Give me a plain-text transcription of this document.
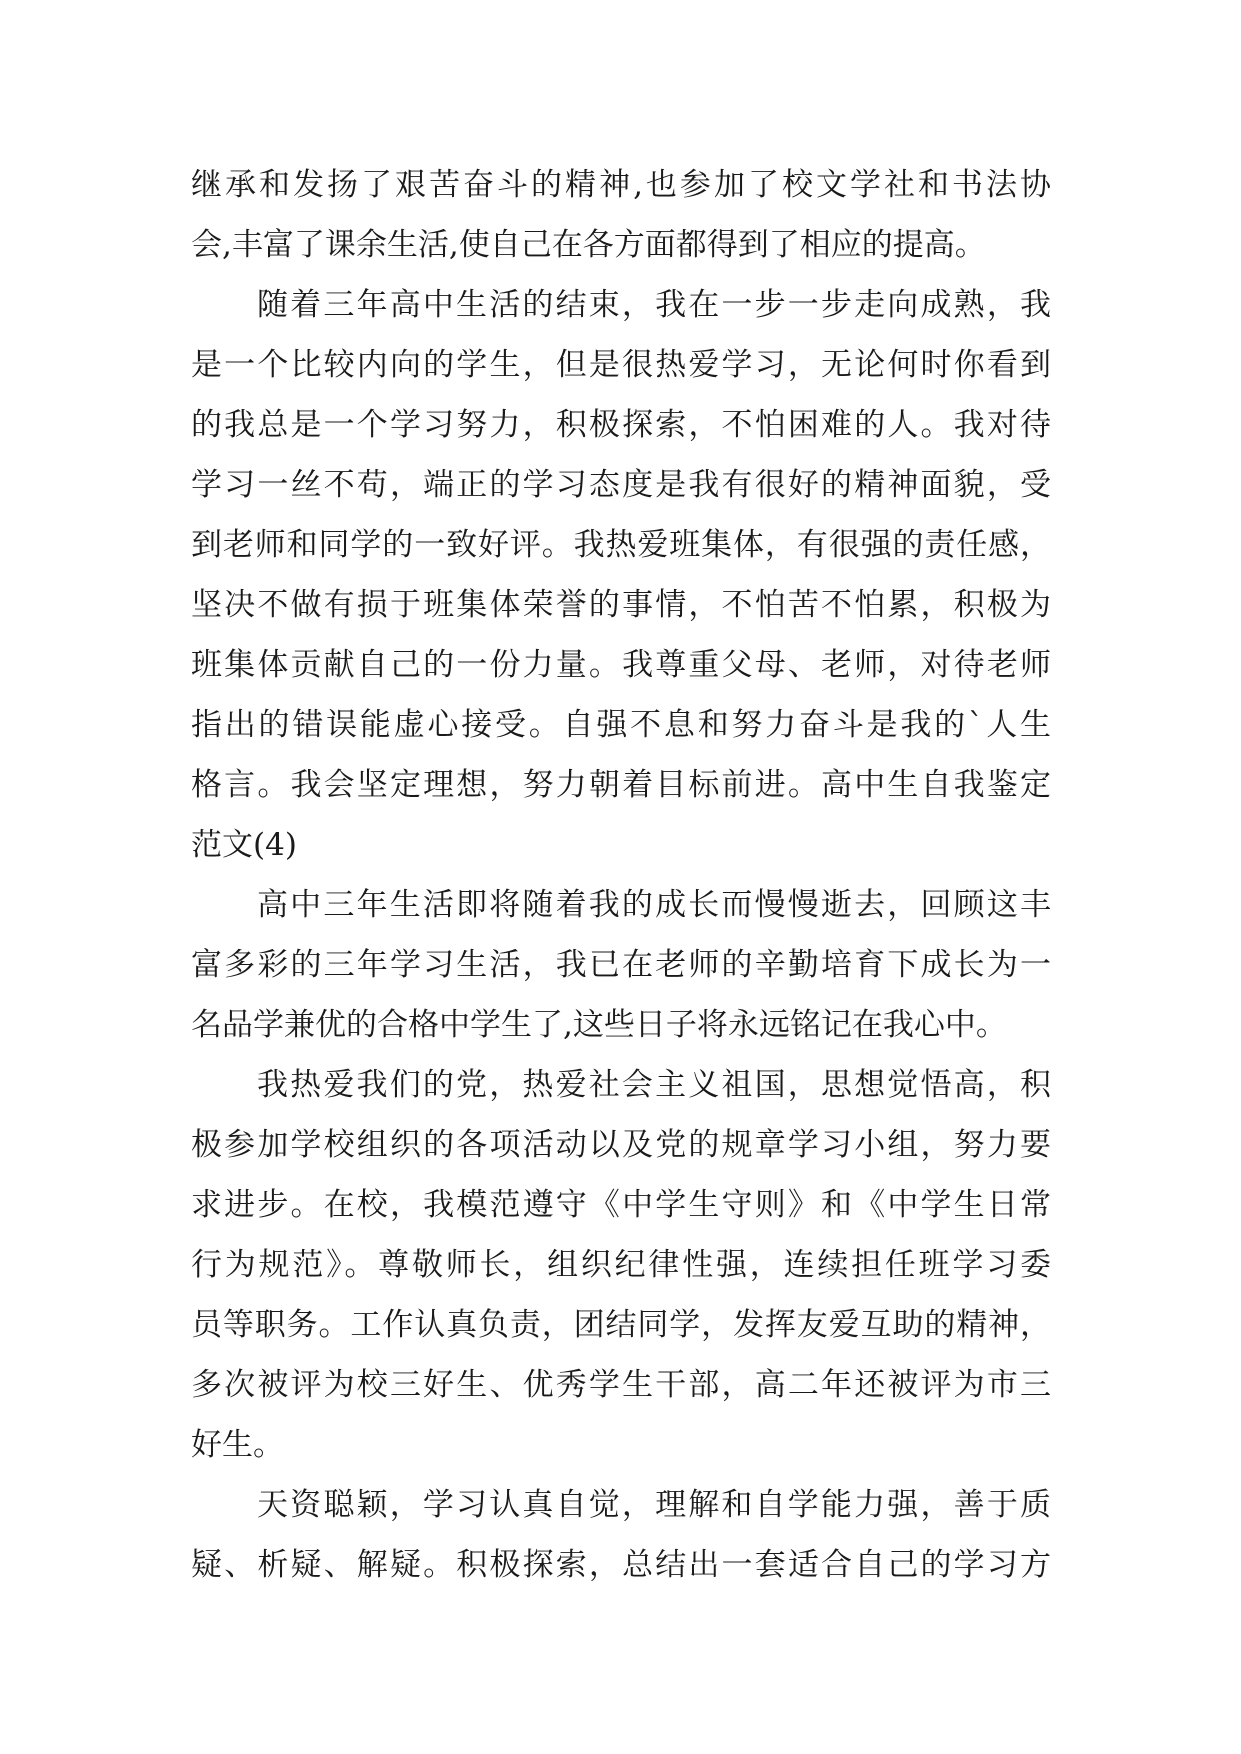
继承和发扬了艰苦奋斗的精神,也参加了校文学社和书法协
会,丰富了课余生活,使自己在各方面都得到了相应的提高。
随着三年高中生活的结束，我在一步一步走向成熟，我
是一个比较内向的学生，但是很热爱学习，无论何时你看到
的我总是一个学习努力，积极探索，不怕困难的人。我对待
学习一丝不苟，端正的学习态度是我有很好的精神面貌，受
到老师和同学的一致好评。我热爱班集体，有很强的责任感，
坚决不做有损于班集体荣誉的事情，不怕苦不怕累，积极为
班集体贡献自己的一份力量。我尊重父母、老师，对待老师
指出的错误能虚心接受。自强不息和努力奋斗是我的`人生
格言。我会坚定理想，努力朝着目标前进。高中生自我鉴定
范文(4)
高中三年生活即将随着我的成长而慢慢逝去，回顾这丰
富多彩的三年学习生活，我已在老师的辛勤培育下成长为一
名品学兼优的合格中学生了,这些日子将永远铭记在我心中。
我热爱我们的党，热爱社会主义祖国，思想觉悟高，积
极参加学校组织的各项活动以及党的规章学习小组，努力要
求进步。在校，我模范遵守《中学生守则》和《中学生日常
行为规范》。尊敬师长，组织纪律性强，连续担任班学习委
员等职务。工作认真负责，团结同学，发挥友爱互助的精神，
多次被评为校三好生、优秀学生干部，高二年还被评为市三
好生。
天资聪颖，学习认真自觉，理解和自学能力强，善于质
疑、析疑、解疑。积极探索，总结出一套适合自己的学习方
